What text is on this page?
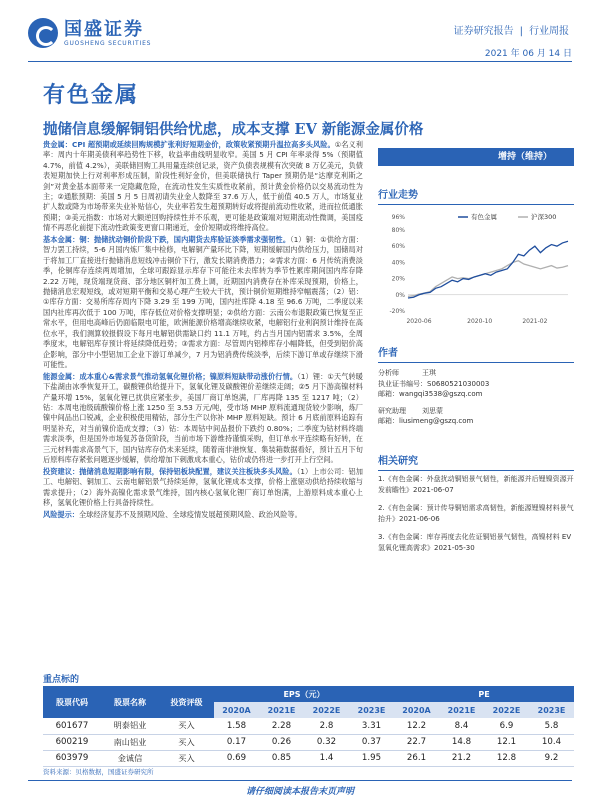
国盛证券
GUOSHENG SECURITIES
证券研究报告 | 行业周报
2021 年 06 月 14 日
有色金属
抛储信息缓解铜铝供给忧虑，成本支撑 EV 新能源金属价格

贵金属：CPI 超预期或延续回购规模扩张利好短期金价，政策收紧预期升温拉高多头风险。①名义利率：周内十年期美债利率趋势性下移，收益率曲线明显收窄。美国 5 月 CPI 年率录得 5%（预期值 4.7%，前值 4.2%），美联储回购工具用量连续创记录，资产负债表规模有次突破 8 万亿美元，负债表短期加快上行对利率形成压制，阶段性利好金价，但美联储执行 Taper 预期仍是“达摩克利斯之剑”对黄金基本面带来一定隐藏危险，在流动性发生实质性收紧前，预计黄金价格仍以交易流动性为主；②通胀预期：美国 5 月 5 日周初请失业金人数降至 37.6 万人，低于前值 40.5 万人，市场复业扩人数或降为市场带来失业补贴信心，失业率若发生超预期转好或将提前流动性收紧，进而拉低通胀预期；③美元指数：市场对大额逆回购持续性并不乐观，更可能是政策端对短期流动性微调，美国疫情不再恶化前提下流动性政策变更窗口期递近，金价短期或将维持高位。

基本金属：铜：抛储扰动铜价阶段下跌，国内期货去库验证淡季需求强韧性。（1）铜：①供给方面：智力罢工持续，5-6 月国内炼厂集中检修，电解铜产量环比下降，短期缓解国内供给压力，国储局对于将加工厂直接进行抛储消息短线冲击铜价下行，激发长期消费潜力；②需求方面：6 月传统消费淡季，伦铜库存连续两周增加，全球可跟踪显示库存下可能往未去库转为季节性累库期间国内库存降 2.22 万吨，现货端现货商、部分地区铜杆加工费上调，近期国内消费存在补库采现预期，价格上，抛储消息宏观短线，或对短期平衡和交易心理产生较大干扰，预计铜价短期维持窄幅震荡；（2）铝：①库存方面：交易所库存周内下降 3.29 至 199 万吨，国内社库降 4.18 至 96.6 万吨，二季度以来国内社库再次低于 100 万吨，库存低位对价格支撑明显；②供给方面：云南公布退限政策已恢复至正常水平，但用电高峰后仍面临限电可能，欧洲能源价格增高继续收紧，电解铝行业利润预计维持在高位水平，我们测算较报假设下每月电解铝供需缺口约 11.1 万吨，约占当月国内铝需求 3.5%，全周季度末，电解铝库存预计将延续降低趋势；③需求方面：尽管周内铝棒库存小幅降低，但受到铝价高企影响，部分中小型铝加工企业下游订单减少，7 月为铝消费传统淡季，后续下游订单或存继续下滑可能性。

能源金属：成本重心&需求景气推动氢氧化锂价格；镍原料短缺带动涨价行情。（1）锂：①天气转暖下盐湖由冰季恢复开工，碳酸锂供给提升下，氢氧化锂及碳酸锂价差继续走阔；②5 月下游高镍材料产量环增 15%，氢氧化锂已扰供应紧张步，美国厂商订单饱满，厂库再降 135 至 1217 吨；（2）钴：本周电池级硫酸镍价格上涨 1250 至 3.53 万元/吨，受市场 MHP 原料流通现货较少影响，炼厂镍中间品出口锐减，企业积极使用精钴，部分生产以你补 MHP 原料短缺。预计 6 月底前原料追踪有明显补充，对当前镍价造成支撑；（3）钴：本周钴中间品报价下跌约 0.80%；二季度为钴材料终端需求淡季，但是国外市场复苏备货阶段，当前市场下游维持谨慎采购，但订单水平连续略有好转，在三元材料需求高景气下，国内钴库存仍未来延续，随着南非港恢复、集装箱数据看好，预计五月下旬后原料库存紧张问题逐步缓解，供给增加下刺激成本重心，钴价或仍将进一步打开上行空间。

投资建议：抛储消息短期影响有限，保持铝板块配置，建议关注板块多头风险。（1）上市公司：铝加工、电解铝、铜加工、云南电解铝景气持续延伸，氢氧化锂成本支撑，价格上涨驱动供给持续收缩与需求提升；（2）海外高镍化需求景气维持，国内核心氢氧化锂厂商订单饱满，上游原料成本重心上移，氢氧化锂价格上行具备持续性。

风险提示：全球经济复苏不及预期风险、全球疫情发展超预期风险、政治风险等。

增持（维持）
行业走势
-20%
0%
20%
40%
60%
80%
96%
2020-06	2020-10	2021-02
有色金属	沪深300
作者
分析师	王琪
执业证书编号：S0680521030003
邮箱：wangqi3538@gszq.com
研究助理 刘思蒙
邮箱：liusimeng@gszq.com
相关研究
1.《有色金属：外盘扰动铜铝景气韧性，新能源并后锂镍资源开发前瞻性》2021-06-07
2.《有色金属：预计传导铜铝需求高韧性，新能源锂镍材料景气抬升》2021-06-06
3.《有色金属：库存再度去化佐证铜铝景气韧性，高镍材料 EV 氢氧化锂高需求》2021-05-30
重点标的
股票代码	股票名称	投资评级	EPS（元）				PE			
			2020A	2021E	2022E	2023E	2020A	2021E	2022E	2023E
601677	明泰铝业	买入	1.58	2.28	2.8	3.31	12.2	8.4	6.9	5.8
600219	南山铝业	买入	0.17	0.26	0.32	0.37	22.7	14.8	12.1	10.4
603979	金诚信	买入	0.69	0.85	1.4	1.95	26.1	21.2	12.8	9.2
资料来源：贝格数据，国盛证券研究所
请仔细阅读本报告末页声明
